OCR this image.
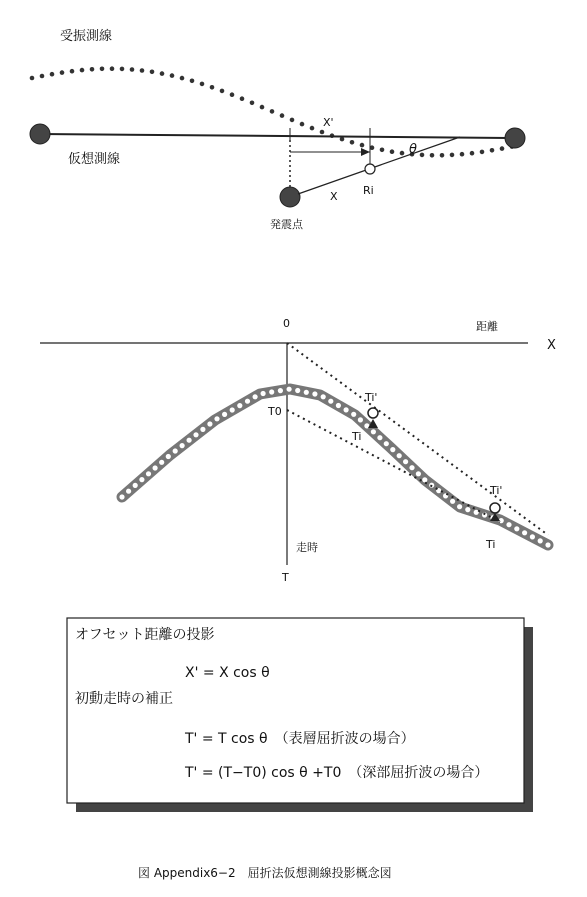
受振測線
仮想測線
発震点
X'
θ
X Ri
0	距離
X
T0
走時
T
Ti'
Ti
Ti'
Ti
オフセット距離の投影
X' = X cos θ
初動走時の補正
T' = T cos θ　（表層屈折波の場合）
T' = (T−T0) cos θ +T0　（深部屈折波の場合）
図 Appendix6−2　屈折法仮想測線投影概念図
